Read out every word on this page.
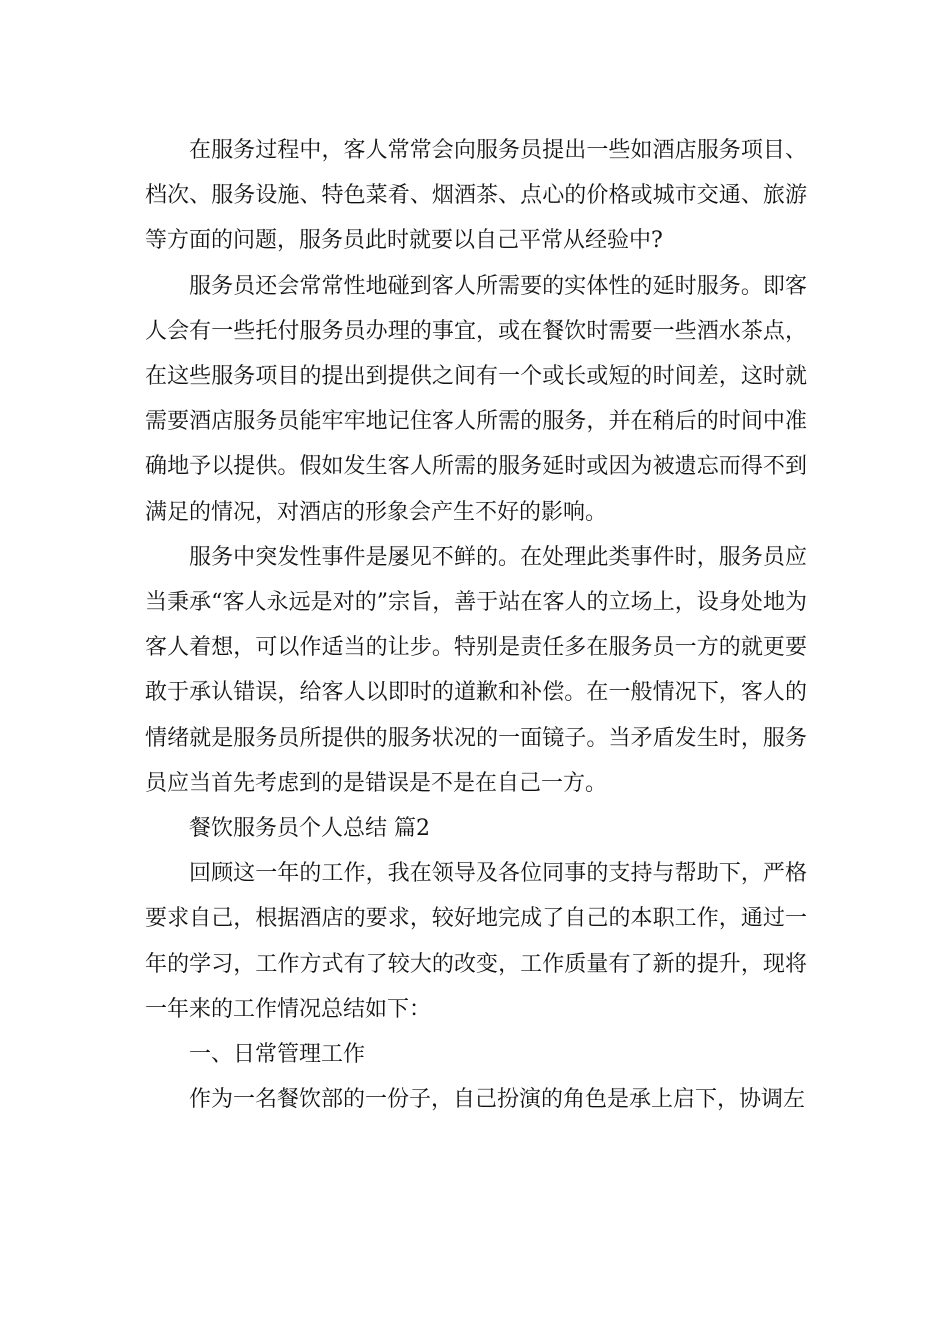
在服务过程中，客人常常会向服务员提出一些如酒店服务项目、档次、服务设施、特色菜肴、烟酒茶、点心的价格或城市交通、旅游等方面的问题，服务员此时就要以自己平常从经验中?

服务员还会常常性地碰到客人所需要的实体性的延时服务。即客人会有一些托付服务员办理的事宜，或在餐饮时需要一些酒水茶点，在这些服务项目的提出到提供之间有一个或长或短的时间差，这时就需要酒店服务员能牢牢地记住客人所需的服务，并在稍后的时间中准确地予以提供。假如发生客人所需的服务延时或因为被遗忘而得不到满足的情况，对酒店的形象会产生不好的影响。

服务中突发性事件是屡见不鲜的。在处理此类事件时，服务员应当秉承“客人永远是对的”宗旨，善于站在客人的立场上，设身处地为客人着想，可以作适当的让步。特别是责任多在服务员一方的就更要敢于承认错误，给客人以即时的道歉和补偿。在一般情况下，客人的情绪就是服务员所提供的服务状况的一面镜子。当矛盾发生时，服务员应当首先考虑到的是错误是不是在自己一方。

餐饮服务员个人总结 篇2

回顾这一年的工作，我在领导及各位同事的支持与帮助下，严格要求自己，根据酒店的要求，较好地完成了自己的本职工作，通过一年的学习，工作方式有了较大的改变，工作质量有了新的提升，现将一年来的工作情况总结如下：

一、日常管理工作

作为一名餐饮部的一份子，自己扮演的角色是承上启下，协调左
